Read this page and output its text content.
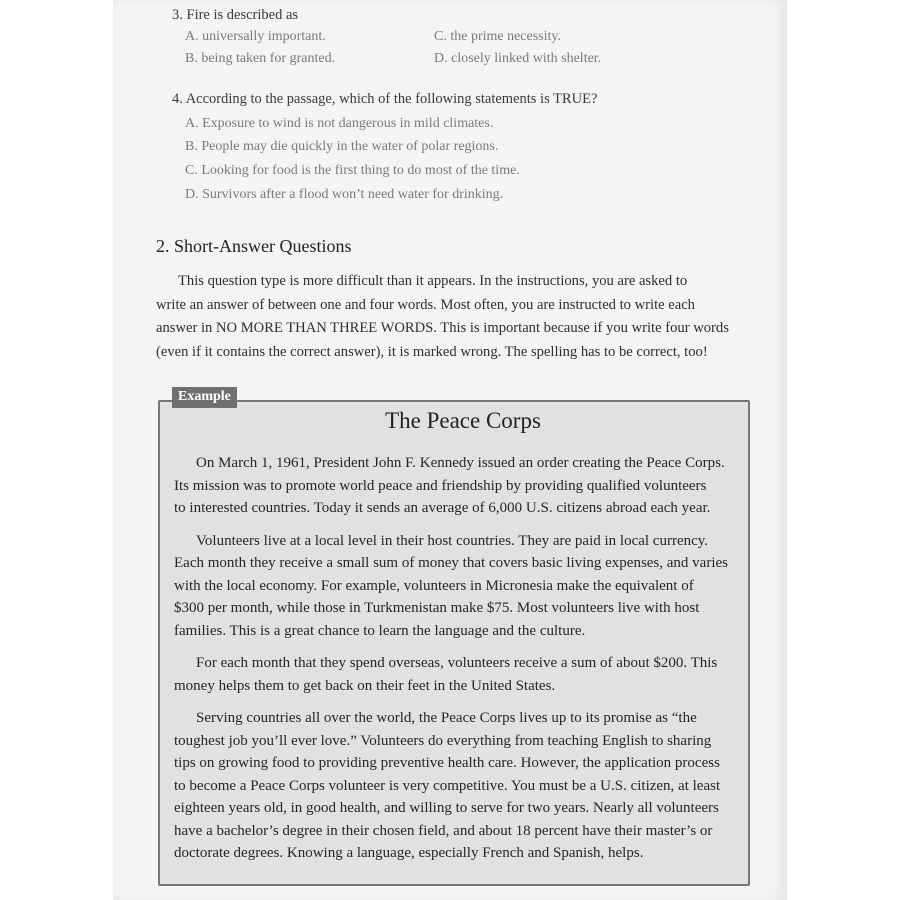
3. Fire is described as
A. universally important.	C. the prime necessity.
B. being taken for granted.	D. closely linked with shelter.
4. According to the passage, which of the following statements is TRUE?
A. Exposure to wind is not dangerous in mild climates.
B. People may die quickly in the water of polar regions.
C. Looking for food is the first thing to do most of the time.
D. Survivors after a flood won’t need water for drinking.
2. Short-Answer Questions
This question type is more difficult than it appears. In the instructions, you are asked to
write an answer of between one and four words. Most often, you are instructed to write each
answer in NO MORE THAN THREE WORDS. This is important because if you write four words
(even if it contains the correct answer), it is marked wrong. The spelling has to be correct, too!
Example
The Peace Corps

On March 1, 1961, President John F. Kennedy issued an order creating the Peace Corps.
Its mission was to promote world peace and friendship by providing qualified volunteers
to interested countries. Today it sends an average of 6,000 U.S. citizens abroad each year.

Volunteers live at a local level in their host countries. They are paid in local currency.
Each month they receive a small sum of money that covers basic living expenses, and varies
with the local economy. For example, volunteers in Micronesia make the equivalent of
$300 per month, while those in Turkmenistan make $75. Most volunteers live with host
families. This is a great chance to learn the language and the culture.

For each month that they spend overseas, volunteers receive a sum of about $200. This
money helps them to get back on their feet in the United States.

Serving countries all over the world, the Peace Corps lives up to its promise as “the
toughest job you’ll ever love.” Volunteers do everything from teaching English to sharing
tips on growing food to providing preventive health care. However, the application process
to become a Peace Corps volunteer is very competitive. You must be a U.S. citizen, at least
eighteen years old, in good health, and willing to serve for two years. Nearly all volunteers
have a bachelor’s degree in their chosen field, and about 18 percent have their master’s or
doctorate degrees. Knowing a language, especially French and Spanish, helps.
